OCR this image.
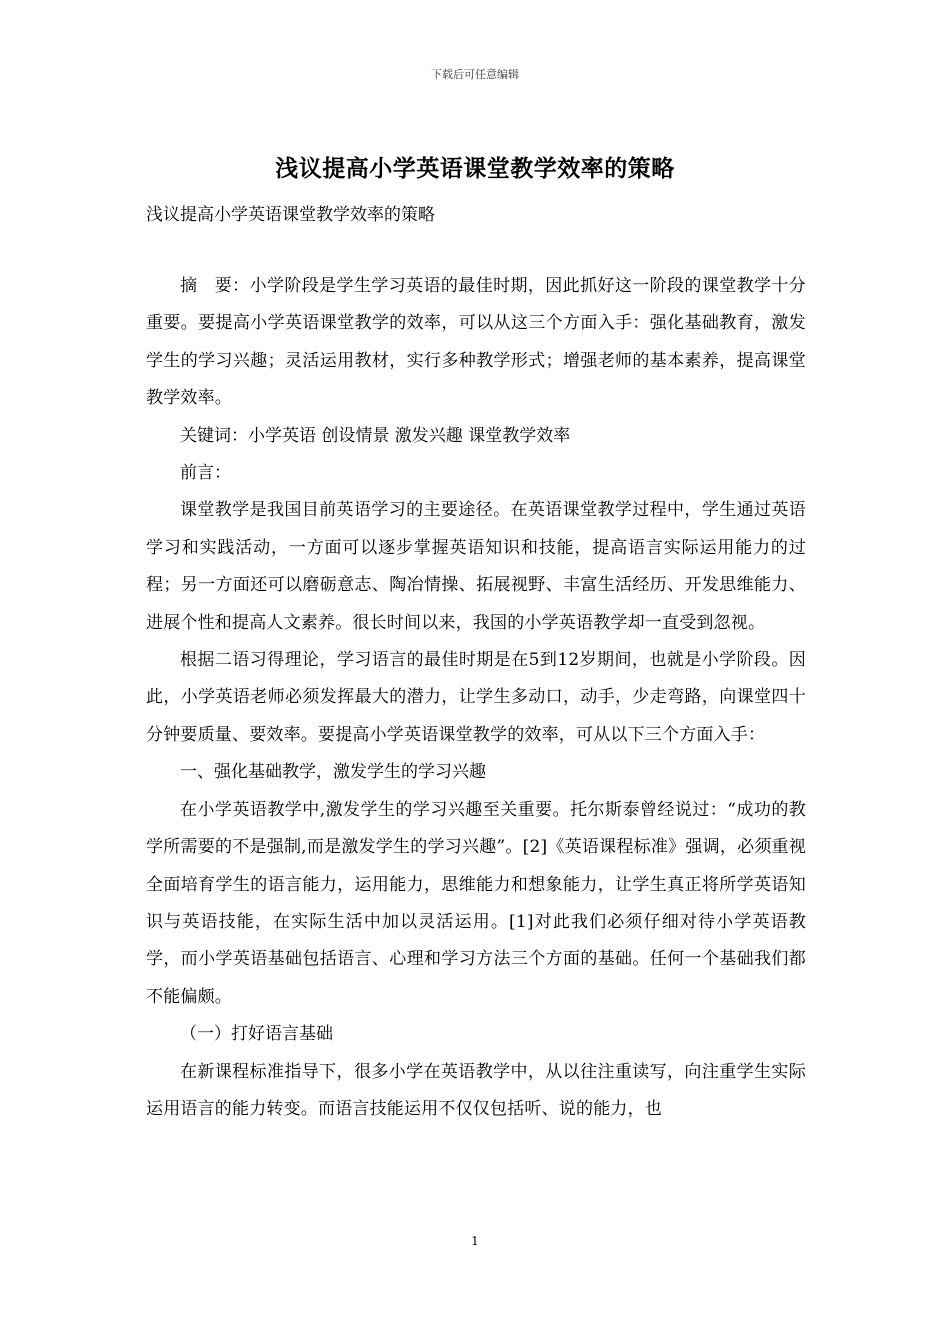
下载后可任意编辑
浅议提高小学英语课堂教学效率的策略
浅议提高小学英语课堂教学效率的策略

摘　要：小学阶段是学生学习英语的最佳时期，因此抓好这一阶段的课堂教学十分重要。要提高小学英语课堂教学的效率，可以从这三个方面入手：强化基础教育，激发学生的学习兴趣；灵活运用教材，实行多种教学形式；增强老师的基本素养，提高课堂教学效率。

关键词：小学英语 创设情景 激发兴趣 课堂教学效率

前言：

课堂教学是我国目前英语学习的主要途径。在英语课堂教学过程中，学生通过英语学习和实践活动，一方面可以逐步掌握英语知识和技能，提高语言实际运用能力的过程；另一方面还可以磨砺意志、陶冶情操、拓展视野、丰富生活经历、开发思维能力、进展个性和提高人文素养。很长时间以来，我国的小学英语教学却一直受到忽视。

根据二语习得理论，学习语言的最佳时期是在5到12岁期间，也就是小学阶段。因此，小学英语老师必须发挥最大的潜力，让学生多动口，动手，少走弯路，向课堂四十分钟要质量、要效率。要提高小学英语课堂教学的效率，可从以下三个方面入手：

一、强化基础教学，激发学生的学习兴趣

在小学英语教学中,激发学生的学习兴趣至关重要。托尔斯泰曾经说过：“成功的教学所需要的不是强制,而是激发学生的学习兴趣”。[2]《英语课程标准》强调，必须重视全面培育学生的语言能力，运用能力，思维能力和想象能力，让学生真正将所学英语知识与英语技能，在实际生活中加以灵活运用。[1]对此我们必须仔细对待小学英语教学，而小学英语基础包括语言、心理和学习方法三个方面的基础。任何一个基础我们都不能偏颇。

（一）打好语言基础

在新课程标准指导下，很多小学在英语教学中，从以往注重读写，向注重学生实际运用语言的能力转变。而语言技能运用不仅仅包括听、说的能力，也

1
